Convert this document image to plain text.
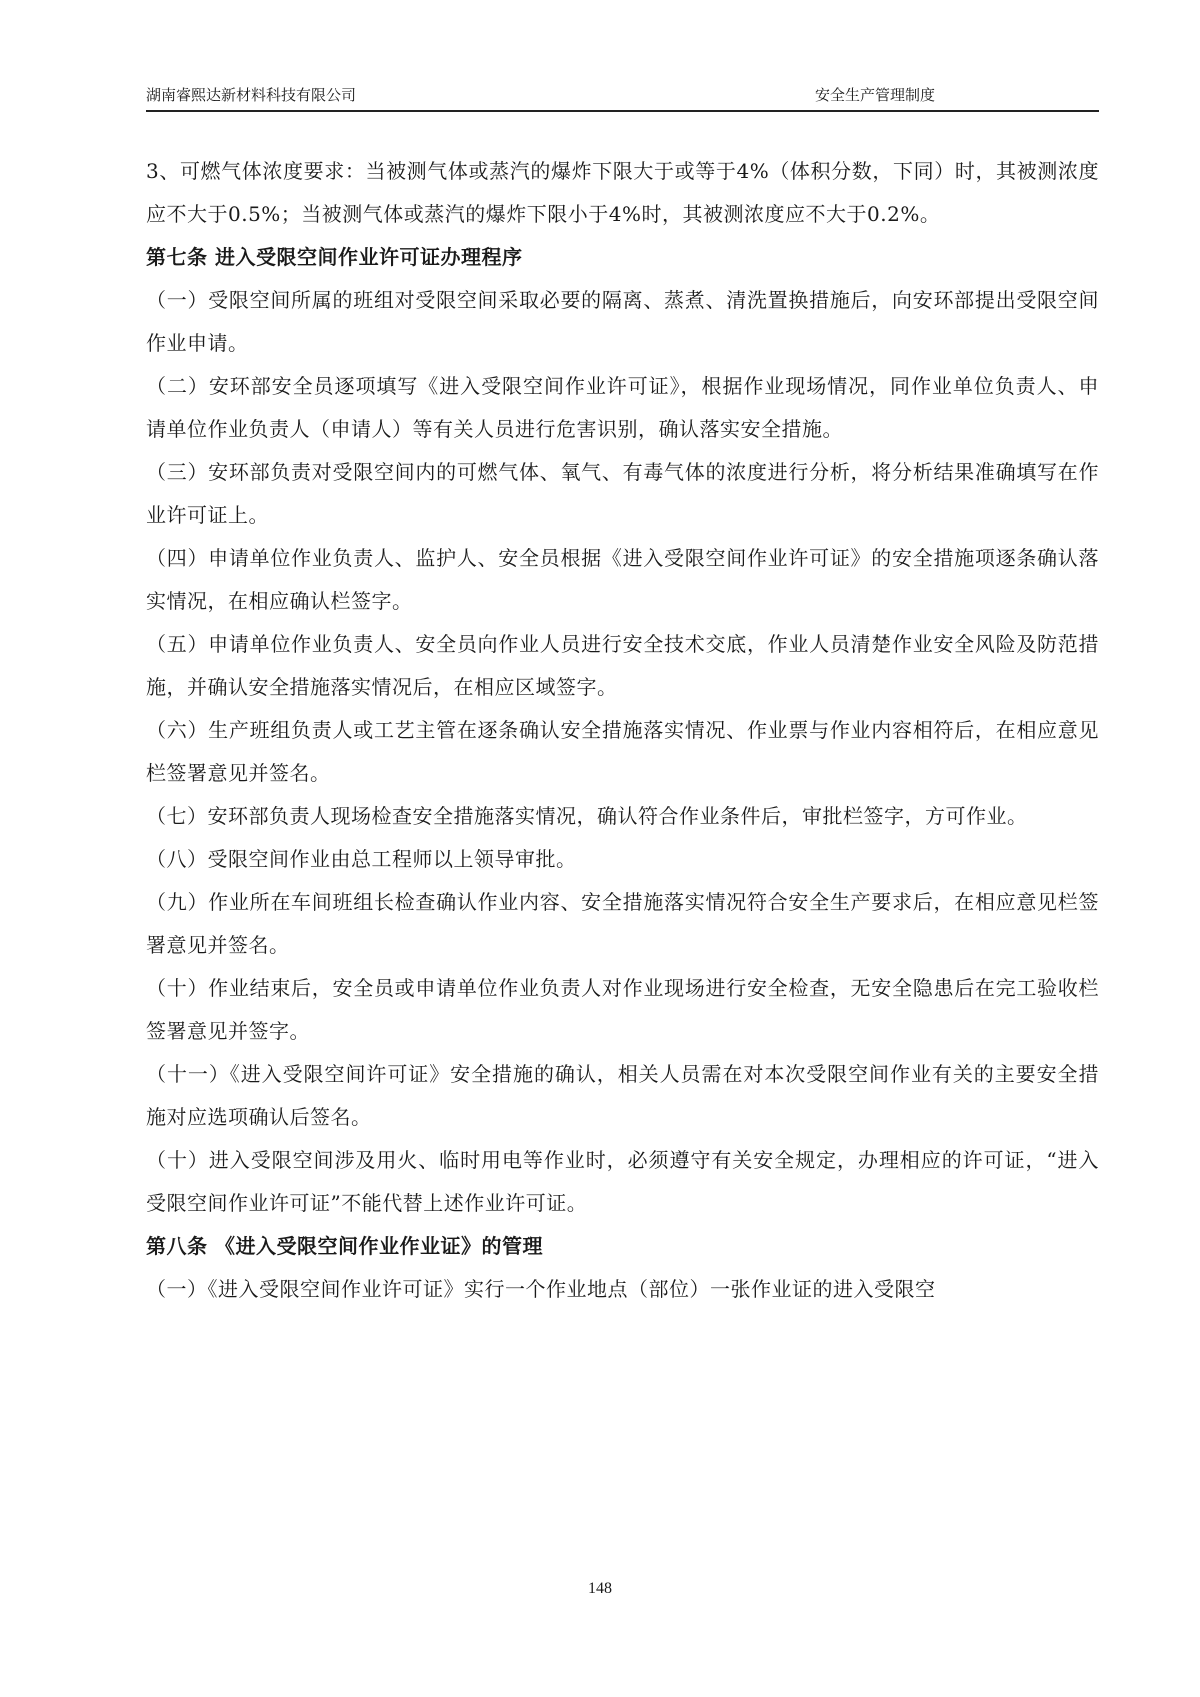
湖南睿熙达新材料科技有限公司	安全生产管理制度

3、可燃气体浓度要求：当被测气体或蒸汽的爆炸下限大于或等于4%（体积分数，下同）时，其被测浓度应不大于0.5%；当被测气体或蒸汽的爆炸下限小于4%时，其被测浓度应不大于0.2%。

第七条 进入受限空间作业许可证办理程序

（一）受限空间所属的班组对受限空间采取必要的隔离、蒸煮、清洗置换措施后，向安环部提出受限空间作业申请。

（二）安环部安全员逐项填写《进入受限空间作业许可证》，根据作业现场情况，同作业单位负责人、申请单位作业负责人（申请人）等有关人员进行危害识别，确认落实安全措施。

（三）安环部负责对受限空间内的可燃气体、氧气、有毒气体的浓度进行分析，将分析结果准确填写在作业许可证上。

（四）申请单位作业负责人、监护人、安全员根据《进入受限空间作业许可证》的安全措施项逐条确认落实情况，在相应确认栏签字。

（五）申请单位作业负责人、安全员向作业人员进行安全技术交底，作业人员清楚作业安全风险及防范措施，并确认安全措施落实情况后，在相应区域签字。

（六）生产班组负责人或工艺主管在逐条确认安全措施落实情况、作业票与作业内容相符后，在相应意见栏签署意见并签名。

（七）安环部负责人现场检查安全措施落实情况，确认符合作业条件后，审批栏签字，方可作业。

（八）受限空间作业由总工程师以上领导审批。

（九）作业所在车间班组长检查确认作业内容、安全措施落实情况符合安全生产要求后，在相应意见栏签署意见并签名。

（十）作业结束后，安全员或申请单位作业负责人对作业现场进行安全检查，无安全隐患后在完工验收栏签署意见并签字。

（十一）《进入受限空间许可证》安全措施的确认，相关人员需在对本次受限空间作业有关的主要安全措施对应选项确认后签名。

（十）进入受限空间涉及用火、临时用电等作业时，必须遵守有关安全规定，办理相应的许可证，“进入受限空间作业许可证”不能代替上述作业许可证。

第八条 《进入受限空间作业作业证》的管理

（一）《进入受限空间作业许可证》实行一个作业地点（部位）一张作业证的进入受限空

148
